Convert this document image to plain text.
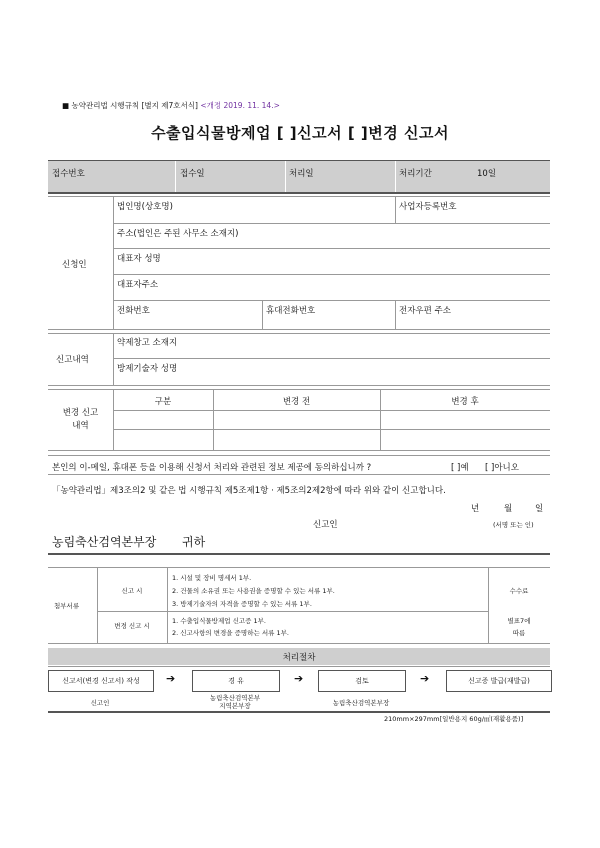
■ 농약관리법 시행규칙 [별지 제7호서식] <개정 2019. 11. 14.>
수출입식물방제업 [ ]신고서 [ ]변경 신고서
접수번호	접수일	처리일	처리기간	10일
신청인
법인명(상호명)	사업자등록번호
주소(법인은 주된 사무소 소재지)
대표자 성명
대표자주소
전화번호	휴대전화번호	전자우편 주소
신고내역
약제창고 소재지
방제기술자 성명
변경 신고
내역
구분	변경 전	변경 후
본인의 이-메일, 휴대폰 등을 이용해 신청서 처리와 관련된 정보 제공에 동의하십니까 ?	[ ]예 [ ]아니오
「농약관리법」제3조의2 및 같은 법 시행규칙 제5조제1항 · 제5조의2제2항에 따라 위와 같이 신고합니다.
년	월	일
신고인	(서명 또는 인)
농림축산검역본부장 귀하
첨부서류
신고 시
1. 시설 및 장비 명세서 1부.
2. 건물의 소유권 또는 사용권을 증명할 수 있는 서류 1부.
3. 방제기술자의 자격을 증명할 수 있는 서류 1부.
수수료
변경 신고 시
1. 수출입식물방제업 신고증 1부.
2. 신고사항의 변경을 증명하는 서류 1부.
별표7에
따름
처리절차
신고서(변경 신고서) 작성	➔	경 유	➔	검토	➔	신고증 발급(재발급)
신고인
농림축산검역본부
지역본부장	농림축산검역본부장
210mm×297mm[일반용지 60g/㎡(재활용품)]
